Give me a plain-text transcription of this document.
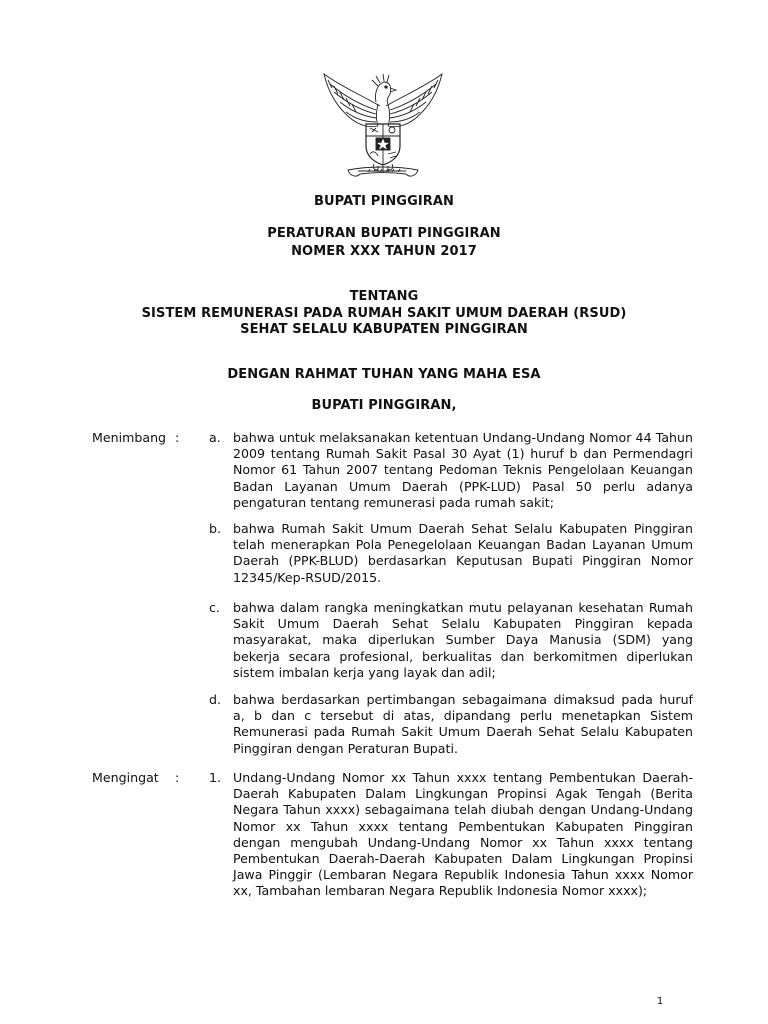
BUPATI PINGGIRAN
PERATURAN BUPATI PINGGIRAN
NOMER XXX TAHUN 2017
TENTANG
SISTEM REMUNERASI PADA RUMAH SAKIT UMUM DAERAH (RSUD)
SEHAT SELALU KABUPATEN PINGGIRAN
DENGAN RAHMAT TUHAN YANG MAHA ESA
BUPATI PINGGIRAN,
Menimbang : a. bahwa untuk melaksanakan ketentuan Undang-Undang Nomor 44 Tahun 2009 tentang Rumah Sakit Pasal 30 Ayat (1) huruf b dan Permendagri Nomor 61 Tahun 2007 tentang Pedoman Teknis Pengelolaan Keuangan Badan Layanan Umum Daerah (PPK-LUD) Pasal 50 perlu adanya pengaturan tentang remunerasi pada rumah sakit;
b. bahwa Rumah Sakit Umum Daerah Sehat Selalu Kabupaten Pinggiran telah menerapkan Pola Penegelolaan Keuangan Badan Layanan Umum Daerah (PPK-BLUD) berdasarkan Keputusan Bupati Pinggiran Nomor 12345/Kep-RSUD/2015.
c. bahwa dalam rangka meningkatkan mutu pelayanan kesehatan Rumah Sakit Umum Daerah Sehat Selalu Kabupaten Pinggiran kepada masyarakat, maka diperlukan Sumber Daya Manusia (SDM) yang bekerja secara profesional, berkualitas dan berkomitmen diperlukan sistem imbalan kerja yang layak dan adil;
d. bahwa berdasarkan pertimbangan sebagaimana dimaksud pada huruf a, b dan c tersebut di atas, dipandang perlu menetapkan Sistem Remunerasi pada Rumah Sakit Umum Daerah Sehat Selalu Kabupaten Pinggiran dengan Peraturan Bupati.
Mengingat : 1. Undang-Undang Nomor xx Tahun xxxx tentang Pembentukan Daerah-Daerah Kabupaten Dalam Lingkungan Propinsi Agak Tengah (Berita Negara Tahun xxxx) sebagaimana telah diubah dengan Undang-Undang Nomor xx Tahun xxxx tentang Pembentukan Kabupaten Pinggiran dengan mengubah Undang-Undang Nomor xx Tahun xxxx tentang Pembentukan Daerah-Daerah Kabupaten Dalam Lingkungan Propinsi Jawa Pinggir (Lembaran Negara Republik Indonesia Tahun xxxx Nomor xx, Tambahan lembaran Negara Republik Indonesia Nomor xxxx);
1
